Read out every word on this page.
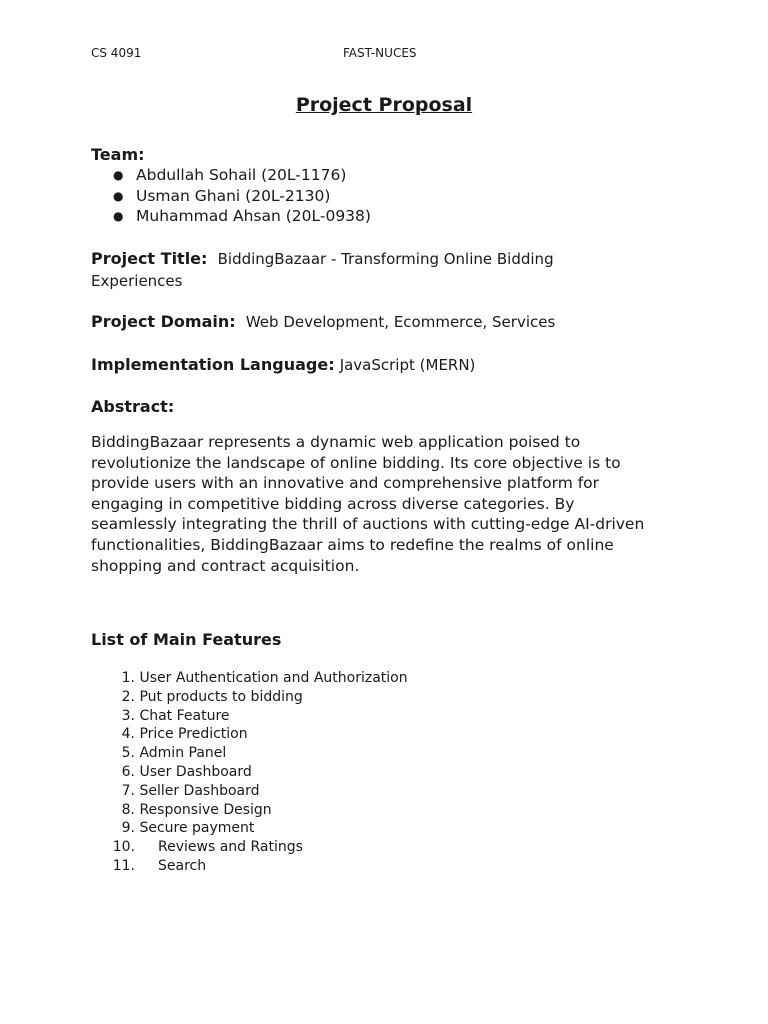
CS 4091	FAST-NUCES
Project Proposal
Team:
● Abdullah Sohail (20L-1176)
● Usman Ghani (20L-2130)
● Muhammad Ahsan (20L-0938)
Project Title: BiddingBazaar - Transforming Online Bidding Experiences
Project Domain: Web Development, Ecommerce, Services
Implementation Language: JavaScript (MERN)
Abstract:
BiddingBazaar represents a dynamic web application poised to revolutionize the landscape of online bidding. Its core objective is to provide users with an innovative and comprehensive platform for engaging in competitive bidding across diverse categories. By seamlessly integrating the thrill of auctions with cutting-edge AI-driven functionalities, BiddingBazaar aims to redefine the realms of online shopping and contract acquisition.
List of Main Features
1.
User Authentication and Authorization
2.
Put products to bidding
3.
Chat Feature
4.
Price Prediction
5.
Admin Panel
6.
User Dashboard
7.
Seller Dashboard
8.
Responsive Design
9.
Secure payment
10.	Reviews and Ratings
11.	Search
